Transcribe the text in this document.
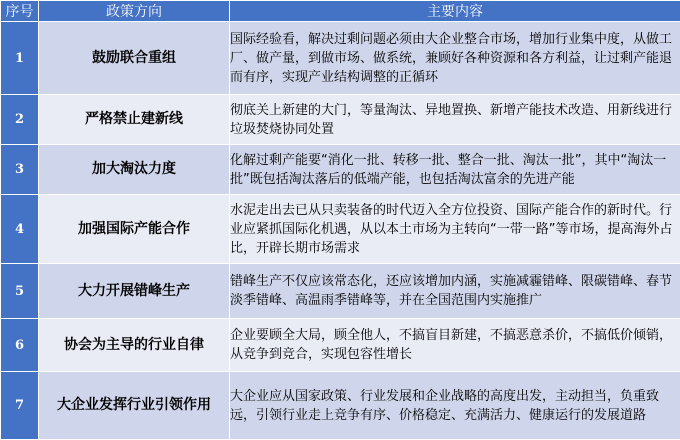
序号	政策方向	主要内容
1	鼓励联合重组	国际经验看，解决过剩问题必须由大企业整合市场，增加行业集中度，从做工厂、做产量，到做市场、做系统，兼顾好各种资源和各方利益，让过剩产能退而有序，实现产业结构调整的正循环
2	严格禁止建新线	彻底关上新建的大门，等量淘汰、异地置换、新增产能技术改造、用新线进行垃圾焚烧协同处置
3	加大淘汰力度	化解过剩产能要“消化一批、转移一批、整合一批、淘汰一批”，其中“淘汰一批”既包括淘汰落后的低端产能，也包括淘汰富余的先进产能
4	加强国际产能合作	水泥走出去已从只卖装备的时代迈入全方位投资、国际产能合作的新时代。行业应紧抓国际化机遇，从以本土市场为主转向“一带一路”等市场，提高海外占比，开辟长期市场需求
5	大力开展错峰生产	错峰生产不仅应该常态化，还应该增加内涵，实施减霾错峰、限碳错峰、春节淡季错峰、高温雨季错峰等，并在全国范围内实施推广
6	协会为主导的行业自律	企业要顾全大局，顾全他人，不搞盲目新建，不搞恶意杀价，不搞低价倾销，从竞争到竞合，实现包容性增长
7	大企业发挥行业引领作用	大企业应从国家政策、行业发展和企业战略的高度出发，主动担当，负重致远，引领行业走上竞争有序、价格稳定、充满活力、健康运行的发展道路
